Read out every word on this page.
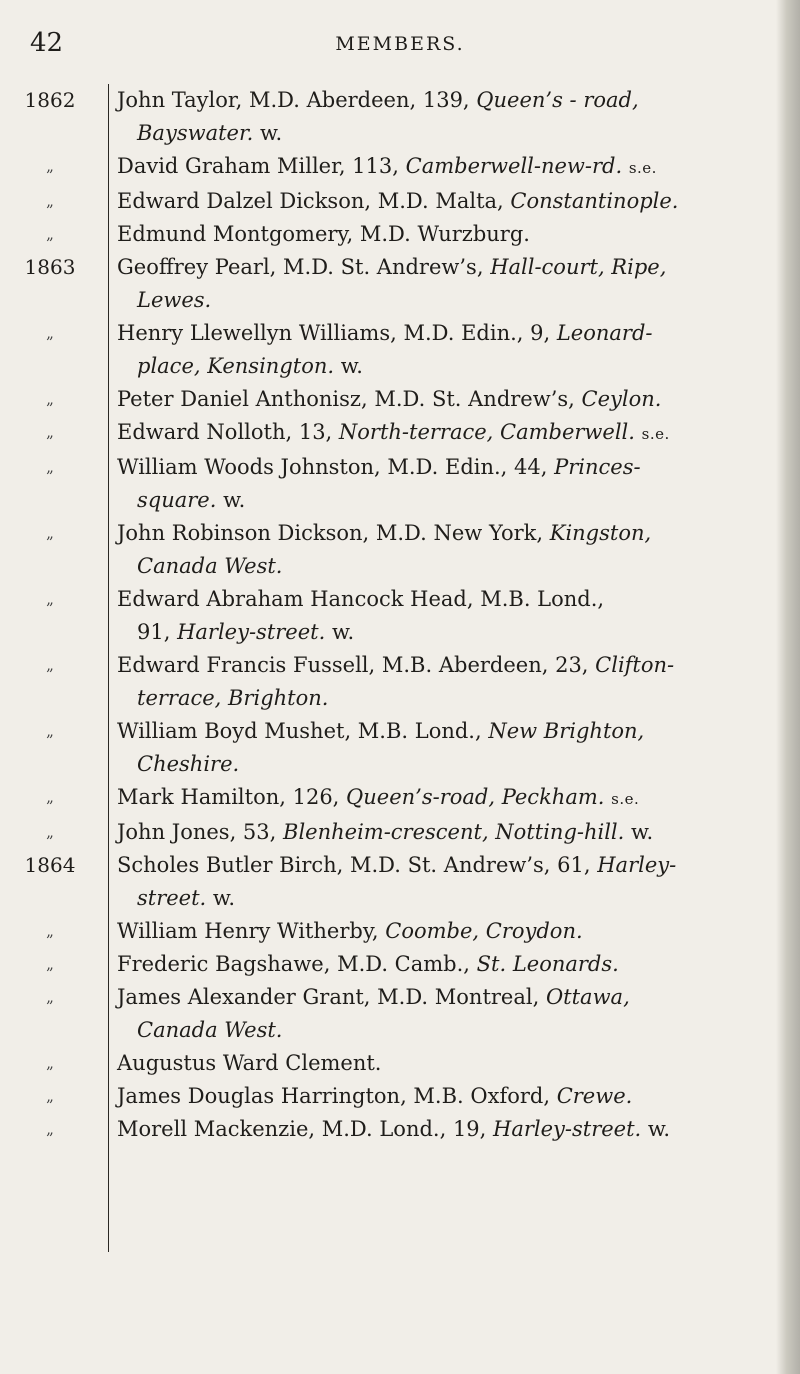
42	MEMBERS.
1862	John Taylor, M.D. Aberdeen, 139, Queen’s - road,
Bayswater. w.
„	David Graham Miller, 113, Camberwell-new-rd. s.e.
„	Edward Dalzel Dickson, M.D. Malta, Constantinople.
„	Edmund Montgomery, M.D. Wurzburg.
1863	Geoffrey Pearl, M.D. St. Andrew’s, Hall-court, Ripe,
Lewes.
„	Henry Llewellyn Williams, M.D. Edin., 9, Leonard-
place, Kensington. w.
„	Peter Daniel Anthonisz, M.D. St. Andrew’s, Ceylon.
„	Edward Nolloth, 13, North-terrace, Camberwell. s.e.
„	William Woods Johnston, M.D. Edin., 44, Princes-
square. w.
„	John Robinson Dickson, M.D. New York, Kingston,
Canada West.
„	Edward Abraham Hancock Head, M.B. Lond.,
91, Harley-street. w.
„	Edward Francis Fussell, M.B. Aberdeen, 23, Clifton-
terrace, Brighton.
„	William Boyd Mushet, M.B. Lond., New Brighton,
Cheshire.
„	Mark Hamilton, 126, Queen’s-road, Peckham. s.e.
„	John Jones, 53, Blenheim-crescent, Notting-hill. w.
1864	Scholes Butler Birch, M.D. St. Andrew’s, 61, Harley-
street. w.
„	William Henry Witherby, Coombe, Croydon.
„	Frederic Bagshawe, M.D. Camb., St. Leonards.
„	James Alexander Grant, M.D. Montreal, Ottawa,
Canada West.
„	Augustus Ward Clement.
„	James Douglas Harrington, M.B. Oxford, Crewe.
„	Morell Mackenzie, M.D. Lond., 19, Harley-street. w.
